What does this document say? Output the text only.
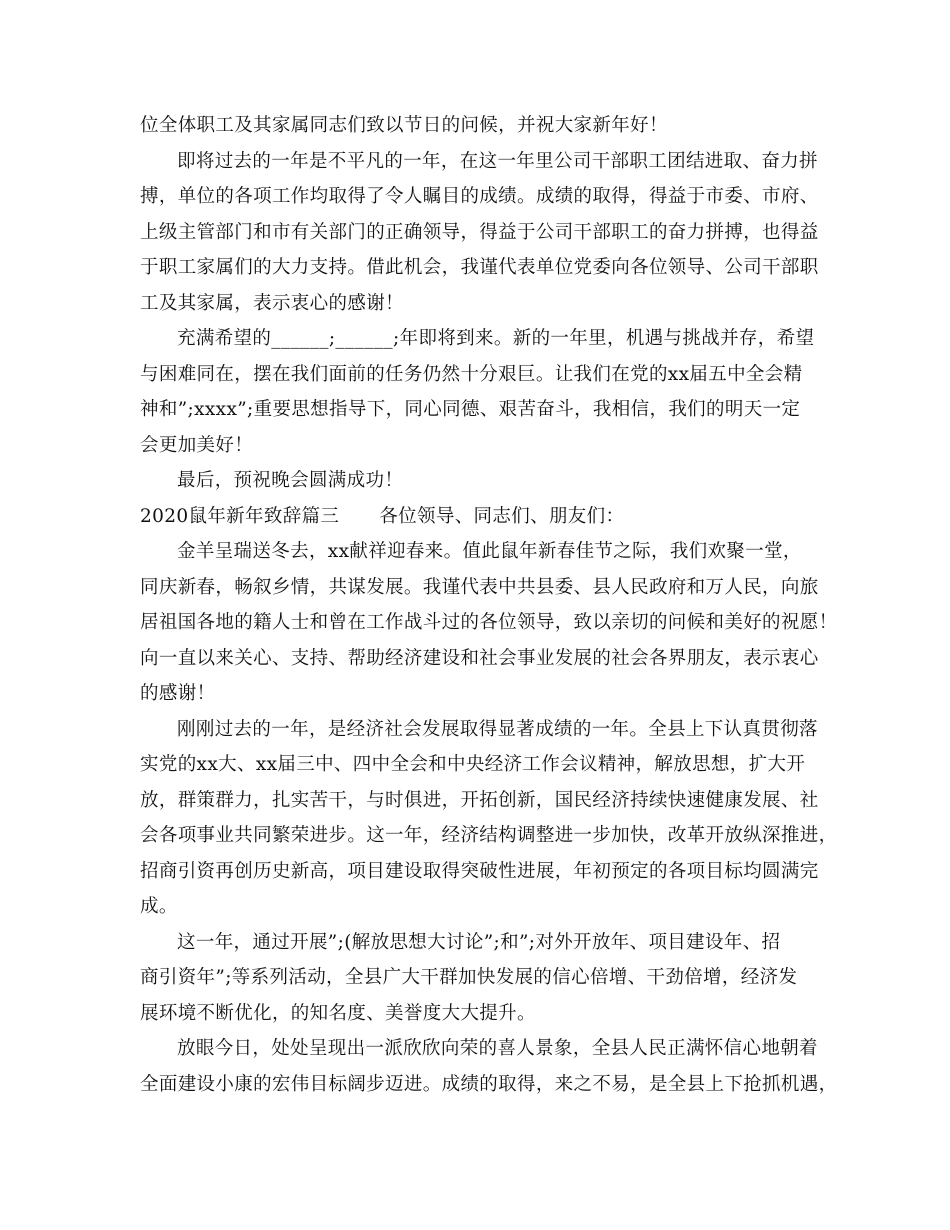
位全体职工及其家属同志们致以节日的问候，并祝大家新年好！
即将过去的一年是不平凡的一年，在这一年里公司干部职工团结进取、奋力拼
搏，单位的各项工作均取得了令人瞩目的成绩。成绩的取得，得益于市委、市府、
上级主管部门和市有关部门的正确领导，得益于公司干部职工的奋力拼搏，也得益
于职工家属们的大力支持。借此机会，我谨代表单位党委向各位领导、公司干部职
工及其家属，表示衷心的感谢！
充满希望的______;______;年即将到来。新的一年里，机遇与挑战并存，希望
与困难同在，摆在我们面前的任务仍然十分艰巨。让我们在党的xx届五中全会精
神和”;xxxx”;重要思想指导下，同心同德、艰苦奋斗，我相信，我们的明天一定
会更加美好！
最后，预祝晚会圆满成功！
2020鼠年新年致辞篇三 各位领导、同志们、朋友们：
金羊呈瑞送冬去，xx献祥迎春来。值此鼠年新春佳节之际，我们欢聚一堂，
同庆新春，畅叙乡情，共谋发展。我谨代表中共县委、县人民政府和万人民，向旅
居祖国各地的籍人士和曾在工作战斗过的各位领导，致以亲切的问候和美好的祝愿！
向一直以来关心、支持、帮助经济建设和社会事业发展的社会各界朋友，表示衷心
的感谢！
刚刚过去的一年，是经济社会发展取得显著成绩的一年。全县上下认真贯彻落
实党的xx大、xx届三中、四中全会和中央经济工作会议精神，解放思想，扩大开
放，群策群力，扎实苦干，与时俱进，开拓创新，国民经济持续快速健康发展、社
会各项事业共同繁荣进步。这一年，经济结构调整进一步加快，改革开放纵深推进，
招商引资再创历史新高，项目建设取得突破性进展，年初预定的各项目标均圆满完
成。
这一年，通过开展”;(解放思想大讨论”;和”;对外开放年、项目建设年、招
商引资年”;等系列活动，全县广大干群加快发展的信心倍增、干劲倍增，经济发
展环境不断优化，的知名度、美誉度大大提升。
放眼今日，处处呈现出一派欣欣向荣的喜人景象，全县人民正满怀信心地朝着
全面建设小康的宏伟目标阔步迈进。成绩的取得，来之不易，是全县上下抢抓机遇，
